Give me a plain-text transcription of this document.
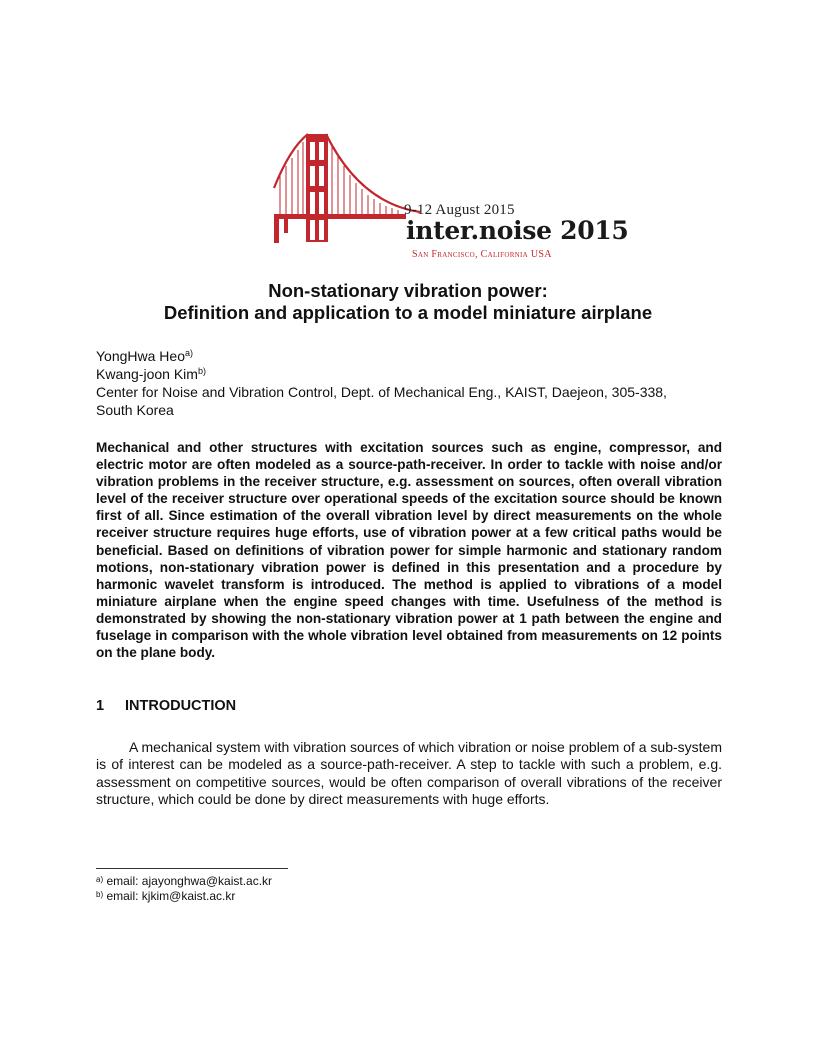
9-12 August 2015
inter.noise 2015
San Francisco, California USA
Non-stationary vibration power:
Definition and application to a model miniature airplane
YongHwa Heo$^{a)}$
Kwang-joon Kim$^{b)}$
Center for Noise and Vibration Control, Dept. of Mechanical Eng., KAIST, Daejeon, 305-338,
South Korea
Mechanical and other structures with excitation sources such as engine, compressor, and electric motor are often modeled as a source-path-receiver. In order to tackle with noise and/or vibration problems in the receiver structure, e.g. assessment on sources, often overall vibration level of the receiver structure over operational speeds of the excitation source should be known first of all. Since estimation of the overall vibration level by direct measurements on the whole receiver structure requires huge efforts, use of vibration power at a few critical paths would be beneficial. Based on definitions of vibration power for simple harmonic and stationary random motions, non-stationary vibration power is defined in this presentation and a procedure by harmonic wavelet transform is introduced. The method is applied to vibrations of a model miniature airplane when the engine speed changes with time. Usefulness of the method is demonstrated by showing the non-stationary vibration power at 1 path between the engine and fuselage in comparison with the whole vibration level obtained from measurements on 12 points on the plane body.
1 INTRODUCTION
A mechanical system with vibration sources of which vibration or noise problem of a sub-system is of interest can be modeled as a source-path-receiver. A step to tackle with such a problem, e.g. assessment on competitive sources, would be often comparison of overall vibrations of the receiver structure, which could be done by direct measurements with huge efforts.
$^{a)}$ email: ajayonghwa@kaist.ac.kr
$^{b)}$ email: kjkim@kaist.ac.kr
